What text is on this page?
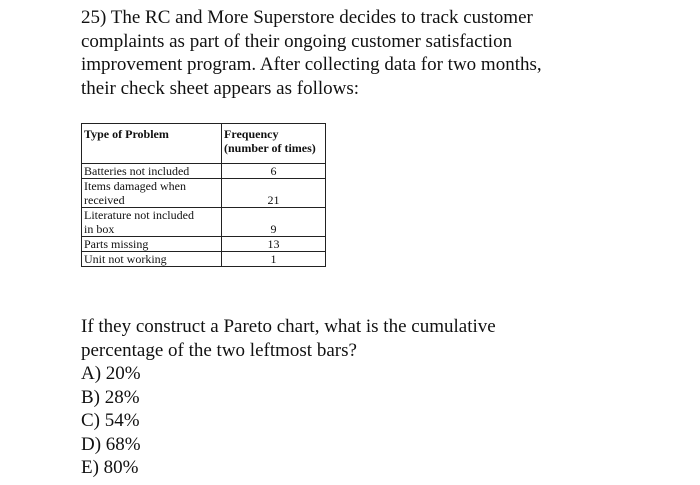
25) The RC and More Superstore decides to track customer
complaints as part of their ongoing customer satisfaction
improvement program. After collecting data for two months,
their check sheet appears as follows:

Type of Problem	Frequency
(number of times)
Batteries not included	6
Items damaged when
received	21
Literature not included
in box	9
Parts missing	13
Unit not working	1
If they construct a Pareto chart, what is the cumulative
percentage of the two leftmost bars?
A) 20%
B) 28%
C) 54%
D) 68%
E) 80%
